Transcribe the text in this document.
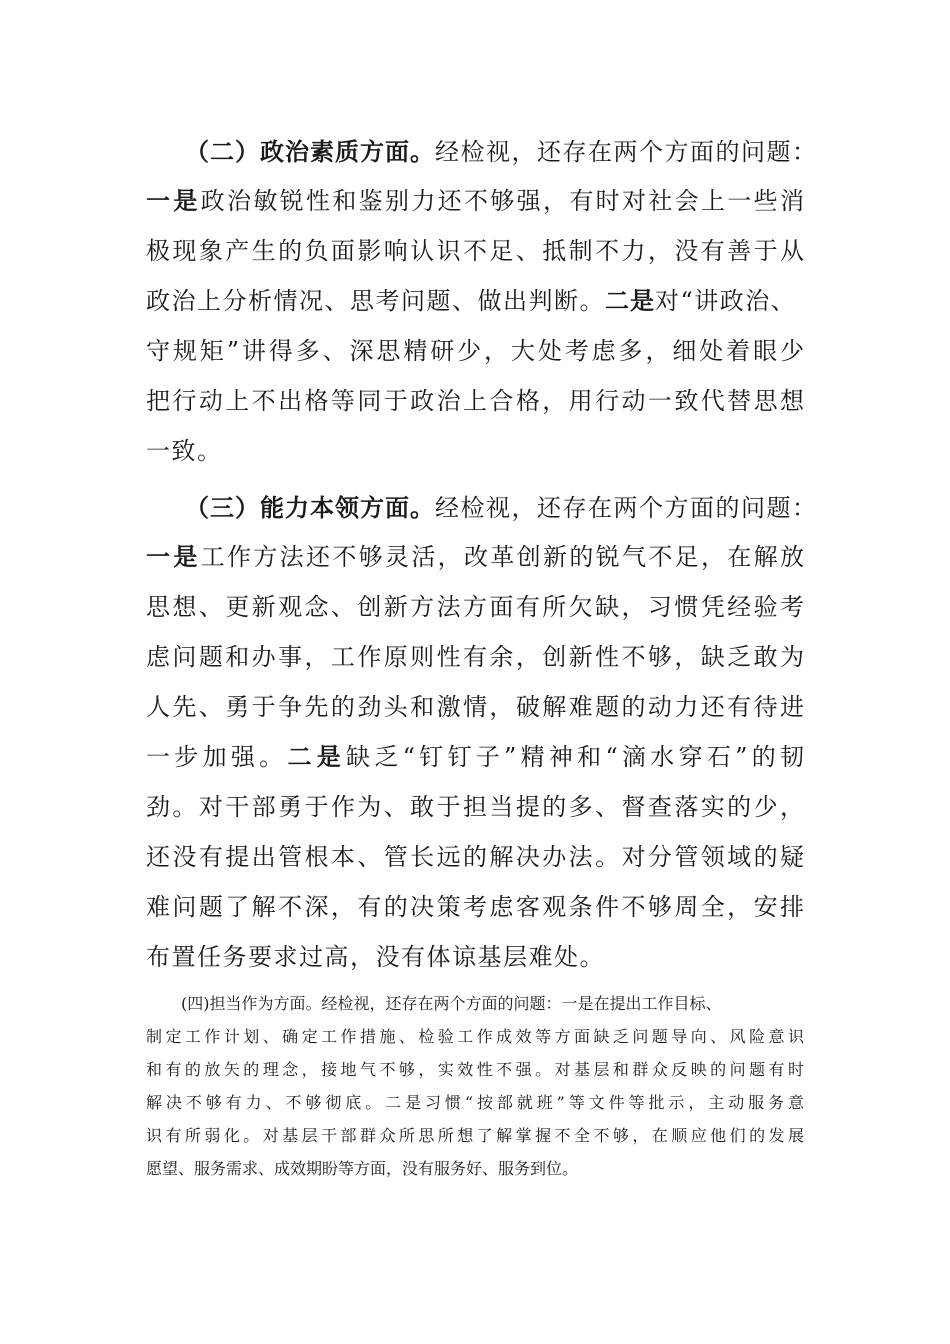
（二）政治素质方面。经检视，还存在两个方面的问题：
一是政治敏锐性和鉴别力还不够强，有时对社会上一些消
极现象产生的负面影响认识不足、抵制不力，没有善于从
政治上分析情况、思考问题、做出判断。二是对“讲政治、
守规矩”讲得多、深思精研少，大处考虑多，细处着眼少
把行动上不出格等同于政治上合格，用行动一致代替思想
一致。
（三）能力本领方面。经检视，还存在两个方面的问题：
一是工作方法还不够灵活，改革创新的锐气不足，在解放
思想、更新观念、创新方法方面有所欠缺，习惯凭经验考
虑问题和办事，工作原则性有余，创新性不够，缺乏敢为
人先、勇于争先的劲头和激情，破解难题的动力还有待进
一步加强。二是缺乏“钉钉子”精神和“滴水穿石”的韧
劲。对干部勇于作为、敢于担当提的多、督查落实的少，
还没有提出管根本、管长远的解决办法。对分管领域的疑
难问题了解不深，有的决策考虑客观条件不够周全，安排
布置任务要求过高，没有体谅基层难处。
(四)担当作为方面。经检视，还存在两个方面的问题：一是在提出工作目标、
制定工作计划、确定工作措施、检验工作成效等方面缺乏问题导向、风险意识
和有的放矢的理念，接地气不够，实效性不强。对基层和群众反映的问题有时
解决不够有力、不够彻底。二是习惯“按部就班”等文件等批示，主动服务意
识有所弱化。对基层干部群众所思所想了解掌握不全不够，在顺应他们的发展
愿望、服务需求、成效期盼等方面，没有服务好、服务到位。
